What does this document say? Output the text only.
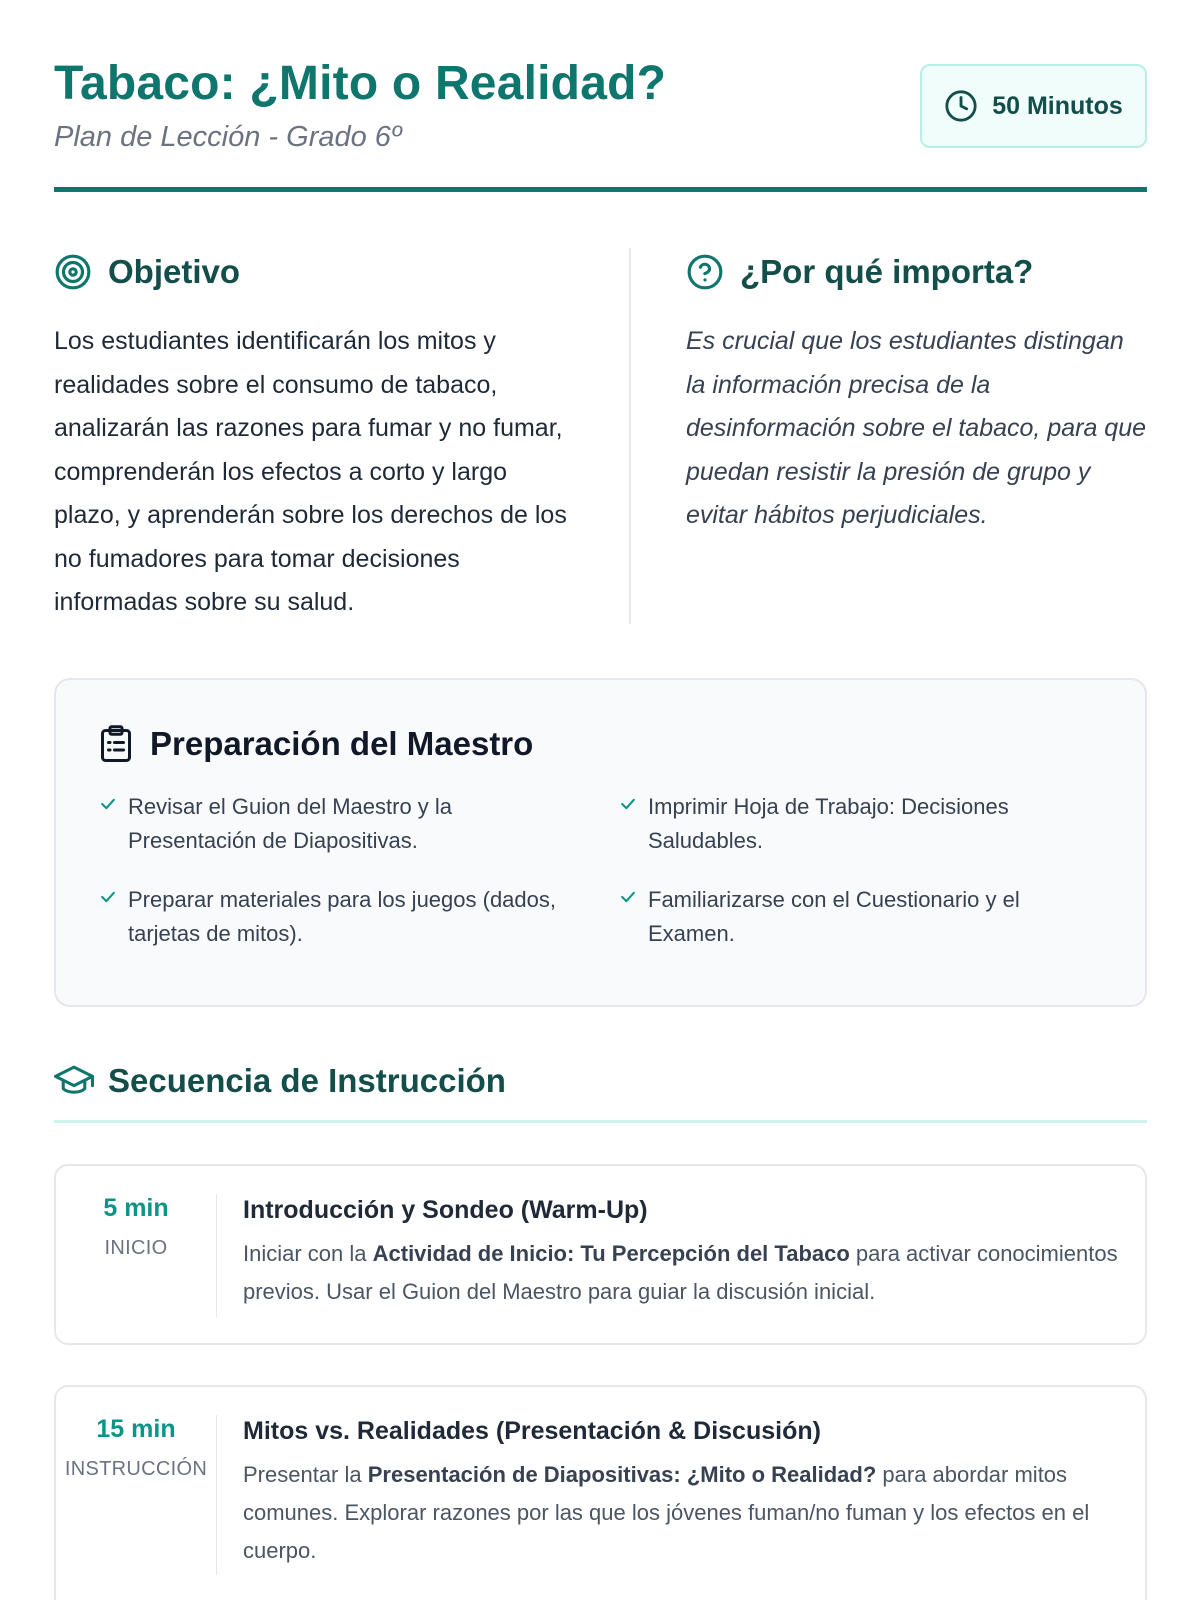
Tabaco: ¿Mito o Realidad?
Plan de Lección - Grado 6º
50 Minutos
Objetivo
Los estudiantes identificarán los mitos y realidades sobre el consumo de tabaco, analizarán las razones para fumar y no fumar, comprenderán los efectos a corto y largo plazo, y aprenderán sobre los derechos de los no fumadores para tomar decisiones informadas sobre su salud.
¿Por qué importa?
Es crucial que los estudiantes distingan la información precisa de la desinformación sobre el tabaco, para que puedan resistir la presión de grupo y evitar hábitos perjudiciales.
Preparación del Maestro
Revisar el Guion del Maestro y la Presentación de Diapositivas.
Imprimir Hoja de Trabajo: Decisiones Saludables.
Preparar materiales para los juegos (dados, tarjetas de mitos).
Familiarizarse con el Cuestionario y el Examen.
Secuencia de Instrucción
5 min
INICIO
Introducción y Sondeo (Warm-Up)
Iniciar con la Actividad de Inicio: Tu Percepción del Tabaco para activar conocimientos previos. Usar el Guion del Maestro para guiar la discusión inicial.
15 min
INSTRUCCIÓN
Mitos vs. Realidades (Presentación & Discusión)
Presentar la Presentación de Diapositivas: ¿Mito o Realidad? para abordar mitos comunes. Explorar razones por las que los jóvenes fuman/no fuman y los efectos en el cuerpo.
